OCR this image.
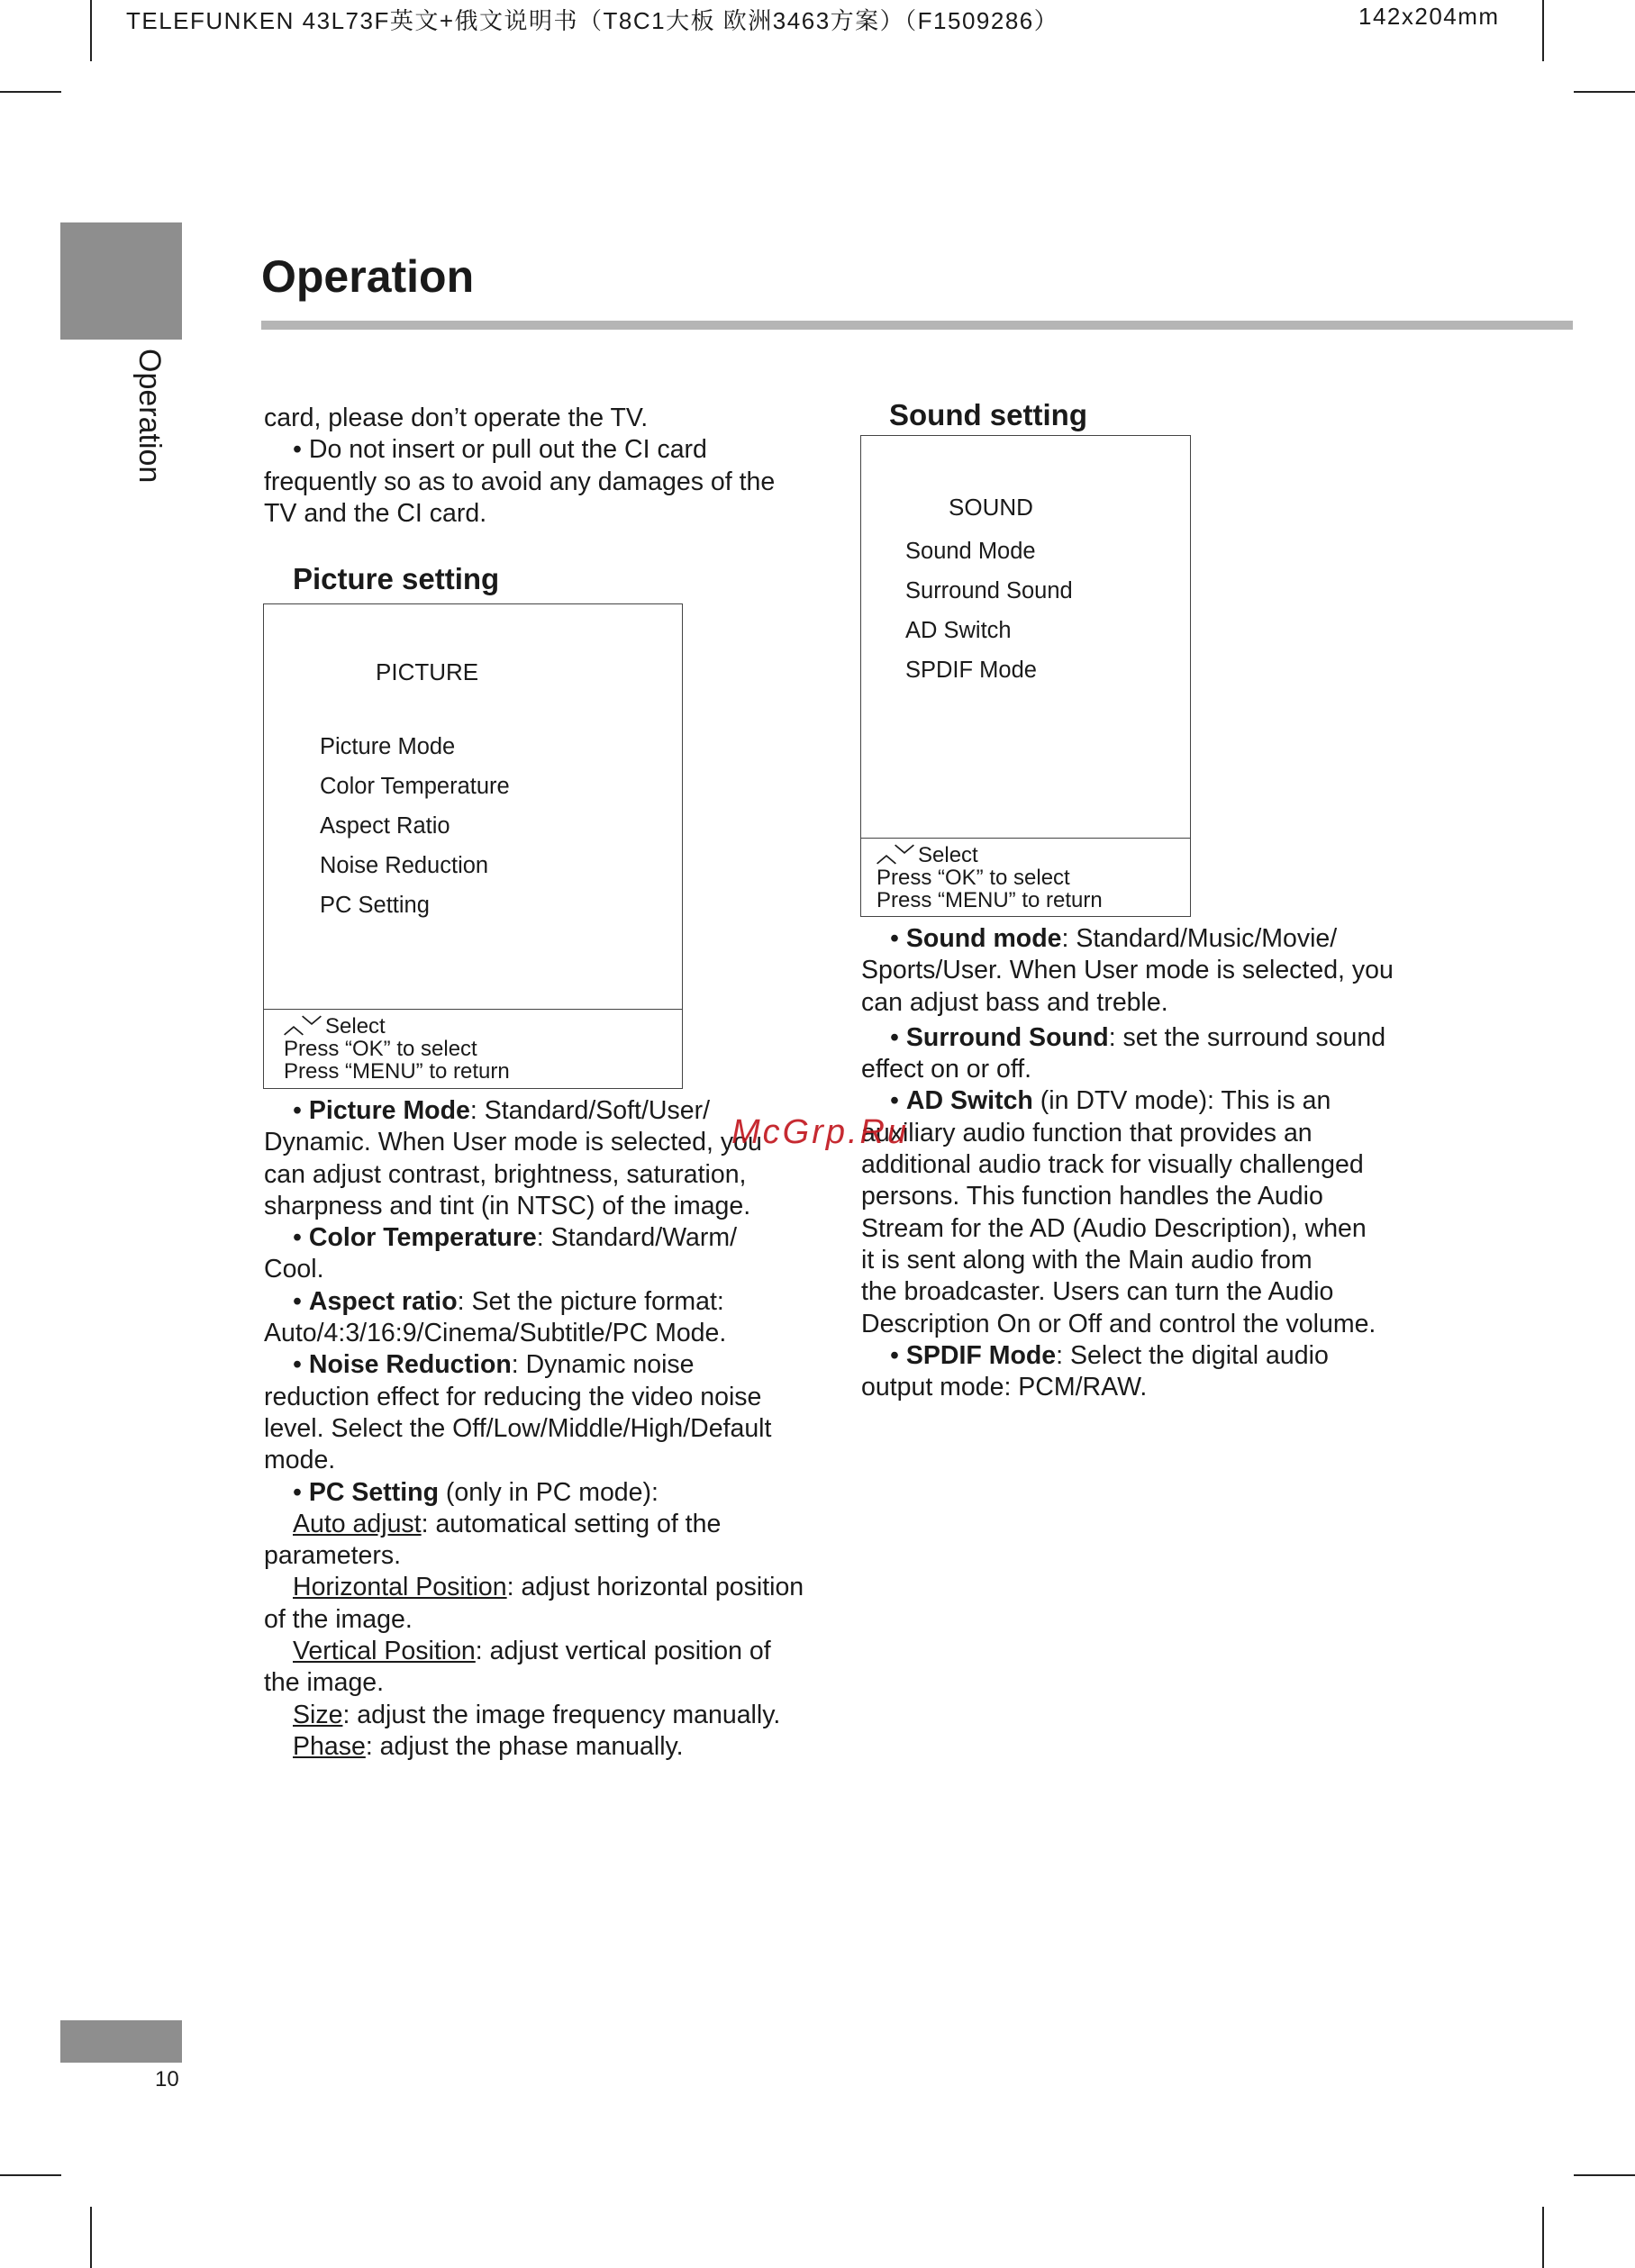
TELEFUNKEN 43L73F英文+俄文说明书（T8C1大板 欧洲3463方案）（F1509286）	142x204mm
Operation
10
Operation

card, please don’t operate the TV.

• Do not insert or pull out the CI card

frequently so as to avoid any damages of the

TV and the CI card.

Picture setting
PICTURE
Picture Mode
Color Temperature
Aspect Ratio
Noise Reduction
PC Setting
︿﹀ Select
Press “OK” to select
Press “MENU” to return

• Picture Mode: Standard/Soft/User/

Dynamic. When User mode is selected, you

can adjust contrast, brightness, saturation,

sharpness and tint (in NTSC) of the image.

• Color Temperature: Standard/Warm/

Cool.

• Aspect ratio: Set the picture format:

Auto/4:3/16:9/Cinema/Subtitle/PC Mode.

• Noise Reduction: Dynamic noise

reduction effect for reducing the video noise

level. Select the Off/Low/Middle/High/Default

mode.

• PC Setting (only in PC mode):

Auto adjust: automatical setting of the

parameters.

Horizontal Position: adjust horizontal position

of the image.

Vertical Position: adjust vertical position of

the image.

Size: adjust the image frequency manually.

Phase: adjust the phase manually.

Sound setting
SOUND
Sound Mode
Surround Sound
AD Switch
SPDIF Mode
︿﹀ Select
Press “OK” to select
Press “MENU” to return

• Sound mode: Standard/Music/Movie/

Sports/User. When User mode is selected, you

can adjust bass and treble.

• Surround Sound: set the surround sound

effect on or off.

• AD Switch (in DTV mode): This is an

auxiliary audio function that provides an

additional audio track for visually challenged

persons. This function handles the Audio

Stream for the AD (Audio Description), when

it is sent along with the Main audio from

the broadcaster. Users can turn the Audio

Description On or Off and control the volume.

• SPDIF Mode: Select the digital audio

output mode: PCM/RAW.

McGrp.Ru
